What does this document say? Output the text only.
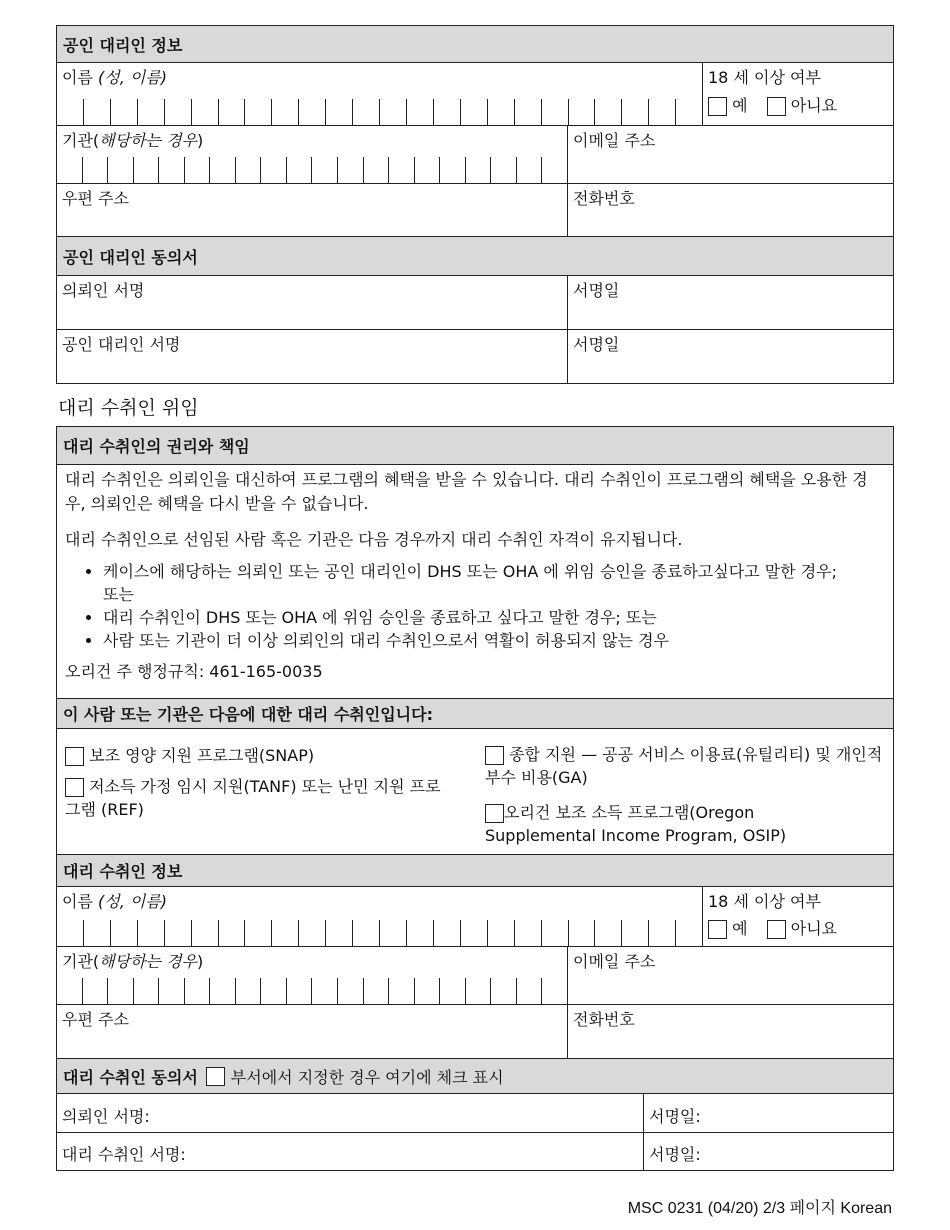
공인 대리인 정보
이름 (성, 이름)	18 세 이상 여부
예	아니요
기관(해당하는 경우)	이메일 주소
우편 주소	전화번호
공인 대리인 동의서
의뢰인 서명	서명일
공인 대리인 서명	서명일
대리 수취인 위임
대리 수취인의 권리와 책임
대리 수취인은 의뢰인을 대신하여 프로그램의 혜택을 받을 수 있습니다. 대리 수취인이 프로그램의 혜택을 오용한 경우, 의뢰인은 혜택을 다시 받을 수 없습니다.
대리 수취인으로 선임된 사람 혹은 기관은 다음 경우까지 대리 수취인 자격이 유지됩니다.
• 케이스에 해당하는 의뢰인 또는 공인 대리인이 DHS 또는 OHA 에 위임 승인을 종료하고싶다고 말한 경우; 또는
• 대리 수취인이 DHS 또는 OHA 에 위임 승인을 종료하고 싶다고 말한 경우; 또는
• 사람 또는 기관이 더 이상 의뢰인의 대리 수취인으로서 역활이 허용되지 않는 경우
오리건 주 행정규칙: 461-165-0035
이 사람 또는 기관은 다음에 대한 대리 수취인입니다:
보조 영양 지원 프로그램(SNAP)
저소득 가정 임시 지원(TANF) 또는 난민 지원 프로그램 (REF)
종합 지원 — 공공 서비스 이용료(유틸리티) 및 개인적 부수 비용(GA)
오리건 보조 소득 프로그램(Oregon Supplemental Income Program, OSIP)
대리 수취인 정보
이름 (성, 이름)	18 세 이상 여부
예	아니요
기관(해당하는 경우)	이메일 주소
우편 주소	전화번호
대리 수취인 동의서 부서에서 지정한 경우 여기에 체크 표시
의뢰인 서명:	서명일:
대리 수취인 서명:	서명일:
MSC 0231 (04/20) 2/3 페이지 Korean
